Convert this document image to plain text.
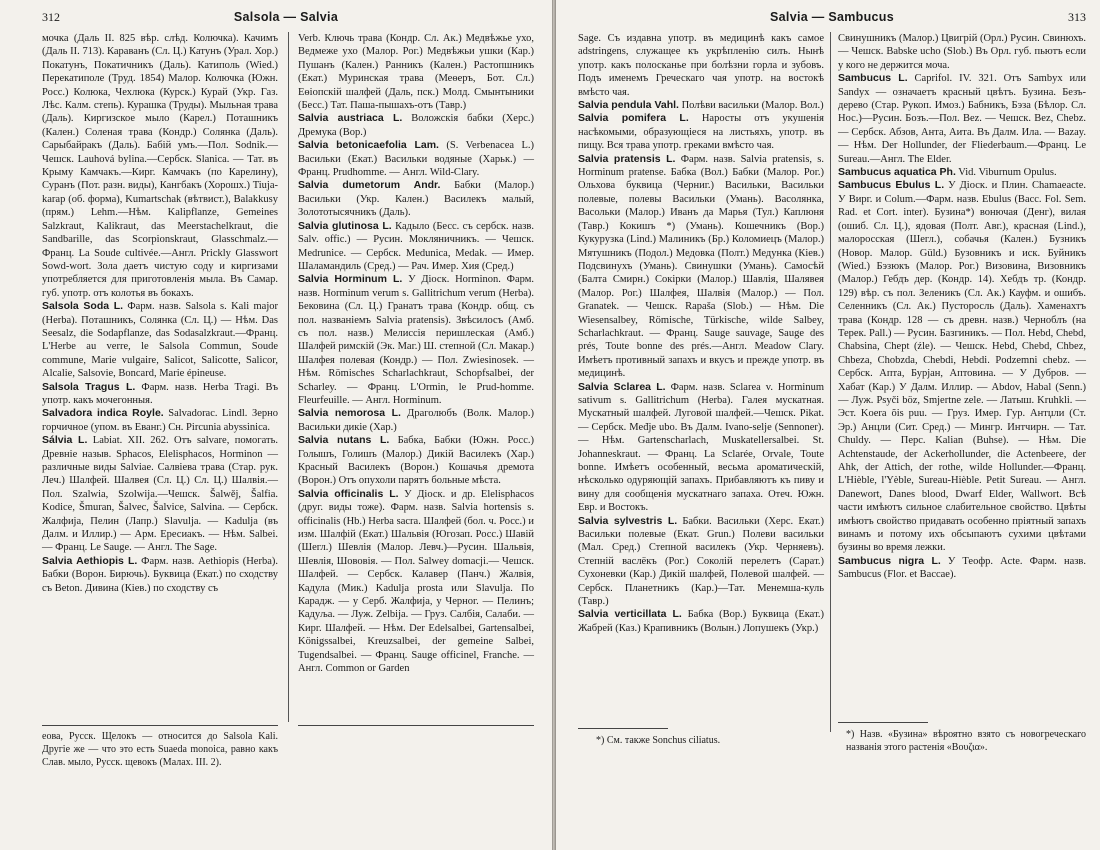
312	Salsola — Salvia

мочка (Даль II. 825 вѣр. слѣд. Колючка). Качимъ (Даль II. 713). Караванъ (Сл. Ц.) Катунъ (Урал. Хор.) Покатунъ, Покатичникъ (Даль). Катиполь (Wied.) Перекатиполе (Труд. 1854) Малор. Колючка (Южн. Росс.) Колюка, Чехлюка (Курск.) Курай (Укр. Газ. Лѣс. Калм. степь). Курашка (Труды). Мыльная трава (Даль). Киргизское мыло (Карел.) Поташникъ (Кален.) Соленая трава (Кондр.) Солянка (Даль). Сарыбайракъ (Даль). Бабій умъ.—Пол. Sodnik.—Чешск. Lauhová bylina.—Сербск. Slanica. — Тат. въ Крыму Камчакъ.—Кирг. Камчакъ (по Карелину), Суранъ (Пот. разн. виды), Кангбакъ (Хорошх.) Tiuja-karар (об. форма), Kumartschak (вѣтвист.), Balakkusy (прям.) Lehm.—Нѣм. Kalipflanze, Gemeines Salzkraut, Kalikraut, das Meerstachelkraut, die Sandbarille, das Scorpionskraut, Glasschmalz.—Франц. La Soude cultivée.—Англ. Prickly Glasswort Sowd-wort. Зола даетъ чистую соду и киргизами употребляется для приготовленія мыла. Въ Самар. губ. употр. отъ колотья въ бокахъ.

Salsola Soda L. Фарм. назв. Salsola s. Kali major (Herba). Поташникъ, Солянка (Сл. Ц.) — Нѣм. Das Seesalz, die Sodapflanze, das Sodasalzkraut.—Франц. L'Herbe au verre, le Salsola Commun, Soude commune, Marie vulgaire, Salicot, Salicotte, Salicor, Alcalie, Salsovie, Boncard, Marie épineuse.

Salsola Tragus L. Фарм. назв. Herba Tragi. Въ употр. какъ мочегонныя.

Salvadora indica Royle. Salvadorac. Lindl. Зерно горчичное (упом. въ Еванг.) Сн. Pircunia abyssinica.

Sálvia L. Labiat. XII. 262. Отъ salvare, помогать. Древніе назыв. Sphacos, Elelisphacos, Horminon — различные виды Salviae. Салвіева трава (Стар. рук. Леч.) Шалфей. Шалвея (Сл. Ц.) Сл. Ц.) Шалвія.—Пол. Szalwia, Szolwija.—Чешск. Šalwěj, Šalfia. Kodice, Šmuran, Šalvec, Šalvice, Salvina. — Сербск. Жалфија, Пелин (Лапр.) Slavulja. — Kadulja (въ Далм. и Иллир.) — Арм. Ересиакъ. — Нѣм. Salbei. — Франц. Le Sauge. — Англ. The Sage.

Salvia Aethiopis L. Фарм. назв. Aethiopis (Herba). Бабки (Ворон. Бирючь). Буквица (Екат.) по сходству съ Beton. Дивина (Кіев.) по сходству съ

Verb. Ключь трава (Кондр. Сл. Ак.) Медвѣжье ухо, Ведмеже ухо (Малор. Рог.) Медвѣжьи ушки (Кар.) Пушанъ (Кален.) Ранникъ (Кален.) Растопшникъ (Екат.) Муринская трава (Меѳеръ, Бот. Сл.) Еѳіопскій шалфей (Даль, пск.) Молд. Смынтыники (Бесс.) Тат. Паша-пышахъ-отъ (Тавр.)

Salvia austriaca L. Воложскія бабки (Херс.) Дремука (Вор.)

Salvia betonicaefolia Lam. (S. Verbenacea L.) Васильки (Екат.) Васильки водяные (Харьк.) — Франц. Prudhomme. — Англ. Wild-Clary.

Salvia dumetorum Andr. Бабки (Малор.) Васильки (Укр. Кален.) Василекъ малый, Золототысячникъ (Даль).

Salvia glutinosa L. Кадыло (Бесс. съ сербск. назв. Salv. offic.) — Русин. Мокляничникъ. — Чешск. Medrunice. — Сербск. Medunica, Medak. — Имер. Шаламандиль (Сред.) — Рач. Имер. Хия (Сред.)

Salvia Horminum L. У Діоск. Horminon. Фарм. назв. Horminum verum s. Gallitrichum verum (Herba). Бековина (Сл. Ц.) Гранатъ трава (Кондр. общ. съ пол. названіемъ Salvia pratensis). Звѣсилосъ (Амб. съ пол. назв.) Мелиссія перишлеская (Амб.) Шалфей римскій (Эк. Маг.) Ш. степной (Сл. Макар.) Шалфея полевая (Кондр.) — Пол. Zwiesinosek. — Нѣм. Römisches Scharlachkraut, Schopfsalbei, der Scharley. — Франц. L'Ormin, le Prud-homme. Fleurfeuille. — Англ. Horminum.

Salvia nemorosa L. Драголюбъ (Волк. Малор.) Васильки дикіе (Хар.)

Salvia nutans L. Бабка, Бабки (Южн. Росс.) Голышъ, Голишъ (Малор.) Дикій Василекъ (Хар.) Красный Василекъ (Ворон.) Кошачья дремота (Ворон.) Отъ опухоли парятъ больные мѣста.

Salvia officinalis L. У Діоск. и др. Elelisphacos (друг. виды тоже). Фарм. назв. Salvia hortensis s. officinalis (Hb.) Herba sacra. Шалфей (бол. ч. Росс.) и изм. Шалфій (Екат.) Шальвія (Югозап. Росс.) Шавій (Шегл.) Шевлія (Малор. Левч.)—Русин. Шальвія, Шевлія, Шововія. — Пол. Salwey domacji.— Чешск. Шалфей. — Сербск. Калавер (Панч.) Жалвія, Кадула (Мик.) Kadulja prosta или Slavulja. По Карадж. — у Серб. Жалфија, у Черног. — Пелинъ; Кадуља. — Луж. Zelbija. — Груз. Салбія, Салаби. — Кирг. Шалфей. — Нѣм. Der Edelsalbei, Gartensalbei, Königssalbei, Kreuzsalbei, der gemeine Salbei, Tugendsalbei. — Франц. Sauge officinel, Franche. — Англ. Common or Garden

еова, Русск. Щелокъ — относится до Salsola Kali. Другіе же — что это есть Suaeda monoica, равно какъ Слав. мыло, Русск. щевокъ (Малах. III. 2).
Salvia — Sambucus	313

Sage. Съ издавна употр. въ медицинѣ какъ самое adstringens, служащее къ укрѣпленію силъ. Нынѣ употр. какъ полосканье при болѣзни горла и зубовъ. Подъ именемъ Греческаго чая употр. на востокѣ вмѣсто чая.

Salvia pendula Vahl. Полѣви васильки (Малор. Вол.)

Salvia pomifera L. Наросты отъ укушенія насѣкомыми, образующіеся на листьяхъ, употр. въ пищу. Вся трава употр. греками вмѣсто чая.

Salvia pratensis L. Фарм. назв. Salvia pratensis, s. Horminum pratense. Бабка (Вол.) Бабки (Малор. Рог.) Ольхова буквица (Черниг.) Васильки, Васильки полевые, полевы Васильки (Умань). Васолянка, Васольки (Малор.) Иванъ да Марья (Тул.) Каплюня (Тавр.) Кокишъ *) (Умань). Кошечникъ (Вор.) Кукурузка (Lind.) Малиникъ (Бр.) Коломиецъ (Малор.) Мятушникъ (Подол.) Медовка (Полт.) Медунка (Кіев.) Подсвинухъ (Умань). Свинушки (Умань). Самосѣй (Балта Смирн.) Сокірки (Малор.) Шавлія, Шалявея (Малор. Рог.) Шалфея, Шалвія (Малор.) — Пол. Granatek. — Чешск. Rapaša (Slob.) — Нѣм. Die Wiesensalbey, Römische, Türkische, wilde Salbey, Scharlachkraut. — Франц. Sauge sauvage, Sauge des prés, Toute bonne des prés.—Англ. Meadow Clary. Имѣетъ противный запахъ и вкусъ и прежде употр. въ медицинѣ.

Salvia Sclarea L. Фарм. назв. Sclarea v. Horminum sativum s. Gallitrichum (Herba). Галея мускатная. Мускатный шалфей. Луговой шалфей.—Чешск. Pikat. — Сербск. Međje ubo. Въ Далм. Ivano-selje (Sennoner). — Нѣм. Gartenscharlach, Muskatellersalbei. St. Johanneskraut. — Франц. La Sclarée, Orvale, Toute bonne. Имѣетъ особенный, весьма ароматическій, нѣсколько одуряющій запахъ. Прибавляютъ къ пиву и вину для сообщенія мускатнаго запаха. Отеч. Южн. Евр. и Востокъ.

Salvia sylvestris L. Бабки. Васильки (Херс. Екат.) Васильки полевые (Екат. Grun.) Полеви васильки (Мал. Сред.) Степной василекъ (Укр. Черняевъ). Степній васлёкъ (Рог.) Соколій перелетъ (Сарат.) Сухоневки (Кар.) Дикій шалфей, Полевой шалфей. — Сербск. Планетникъ (Кар.)—Тат. Менемша-куль (Тавр.)

Salvia verticillata L. Бабка (Вор.) Буквица (Екат.) Жабрей (Каз.) Крапивникъ (Волын.) Лопушекъ (Укр.)

Свинушникъ (Малор.) Цвигрій (Орл.) Русин. Свинюхъ. — Чешск. Babske ucho (Slob.) Въ Орл. губ. пьютъ если у кого не держится моча.

Sambucus L. Caprifol. IV. 321. Отъ Sambyx или Sandyx — означаетъ красный цвѣтъ. Бузина. Безъ-дерево (Стар. Рукоп. Имоз.) Бабникъ, Бэза (Бѣлор. Сл. Нос.)—Русин. Бозъ.—Пол. Bez. — Чешск. Bez, Chebz. — Сербск. Абзов, Анта, Аита. Въ Далм. Ила. — Bazay. — Нѣм. Der Hollunder, der Fliederbaum.—Франц. Le Sureau.—Англ. The Elder.

Sambucus aquatica Ph. Vid. Viburnum Opulus.

Sambucus Ebulus L. У Діоск. и Плин. Chamaeacte. У Вирг. и Colum.—Фарм. назв. Ebulus (Bacc. Fol. Sem. Rad. et Cort. inter). Бузина*) вонючая (Денг), вилая (ошиб. Сл. Ц.), ядовая (Полт. Авг.), красная (Lind.), малоросская (Шегл.), собачья (Кален.) Бузникъ (Новор. Малор. Güld.) Бузовникъ и иск. Буйникъ (Wied.) Бэзюкъ (Малор. Рог.) Визовина, Визовникъ (Малор.) Гебдъ дер. (Кондр. 14). Хебдъ тр. (Кондр. 129) вѣр. съ пол. Зеленикъ (Сл. Ак.) Кауфм. и ошибъ. Селенникъ (Сл. Ак.) Пусторосль (Даль). Хаменахтъ трава (Кондр. 128 — съ древн. назв.) Черноблъ (на Терек. Pall.) — Русин. Базгиникъ. — Пол. Hebd, Chebd, Chabsina, Chept (źle). — Чешск. Hebd, Chebd, Chbez, Chbeza, Chobzda, Chebdi, Hebdi. Podzemni chebz. — Сербск. Апта, Бурjан, Аптовина. — У Дубров. — Хабат (Кар.) У Далм. Иллир. — Abdov, Habal (Senn.) — Луж. Psyči böz, Smjertne zele. — Латыш. Kruhkli. — Эст. Koera õis puu. — Груз. Имер. Гур. Антџли (Ст. Эр.) Анцли (Сит. Сред.) — Мингр. Интчирн. — Тат. Chuldy. — Перс. Kalian (Buhse). — Нѣм. Die Achtenstaude, der Ackerhollunder, die Actenbeere, der Ahk, der Attich, der rothe, wilde Hollunder.—Франц. L'Hièble, l'Yèble, Sureau-Hièble. Petit Sureau. — Англ. Danewort, Danes blood, Dwarf Elder, Wallwort. Всѣ части имѣютъ сильное слабительное свойство. Цвѣты имѣютъ свойство придавать особенно пріятный запахъ винамъ и потому ихъ обсыпаютъ сухими цвѣтами бузины во время лежки.

Sambucus nigra L. У Теофр. Actе. Фарм. назв. Sambucus (Flor. et Baccae).

*) См. также Sonchus ciliatus.
*) Назв. «Бузина» вѣроятно взято съ новогреческаго названія этого растенія «Βουζια».
